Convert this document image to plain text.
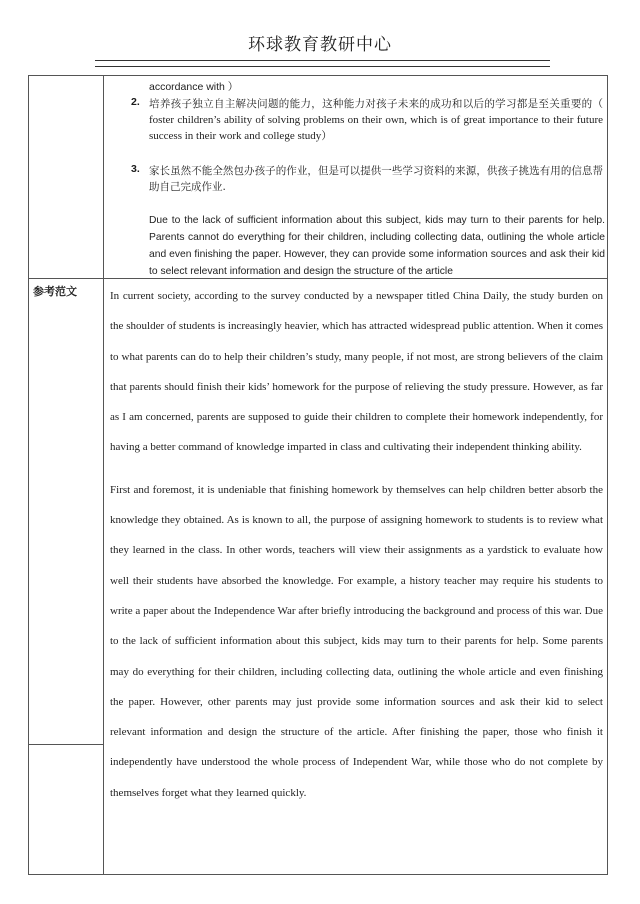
环球教育教研中心
accordance with ）
2. 培养孩子独立自主解决问题的能力，这种能力对孩子未来的成功和以后的学习都是至关重要的（ foster children’s ability of solving problems on their own, which is of great importance to their future success in their work and college study）
3. 家长虽然不能全然包办孩子的作业，但是可以提供一些学习资料的来源，供孩子挑选有用的信息帮助自己完成作业.
Due to the lack of sufficient information about this subject, kids may turn to their parents for help. Parents cannot do everything for their children, including collecting data, outlining the whole article and even finishing the paper. However, they can provide some information sources and ask their kid to select relevant information and design the structure of the article
参考范文	In current society, according to the survey conducted by a newspaper titled China Daily, the study burden on the shoulder of students is increasingly heavier, which has attracted widespread public attention. When it comes to what parents can do to help their children’s study, many people, if not most, are strong believers of the claim that parents should finish their kids’ homework for the purpose of relieving the study pressure. However, as far as I am concerned, parents are supposed to guide their children to complete their homework independently, for having a better command of knowledge imparted in class and cultivating their independent thinking ability.

First and foremost, it is undeniable that finishing homework by themselves can help children better absorb the knowledge they obtained. As is known to all, the purpose of assigning homework to students is to review what they learned in the class. In other words, teachers will view their assignments as a yardstick to evaluate how well their students have absorbed the knowledge. For example, a history teacher may require his students to write a paper about the Independence War after briefly introducing the background and process of this war. Due to the lack of sufficient information about this subject, kids may turn to their parents for help. Some parents may do everything for their children, including collecting data, outlining the whole article and even finishing the paper. However, other parents may just provide some information sources and ask their kid to select relevant information and design the structure of the article. After finishing the paper, those who finish it independently have understood the whole process of Independent War, while those who do not complete by themselves forget what they learned quickly.
